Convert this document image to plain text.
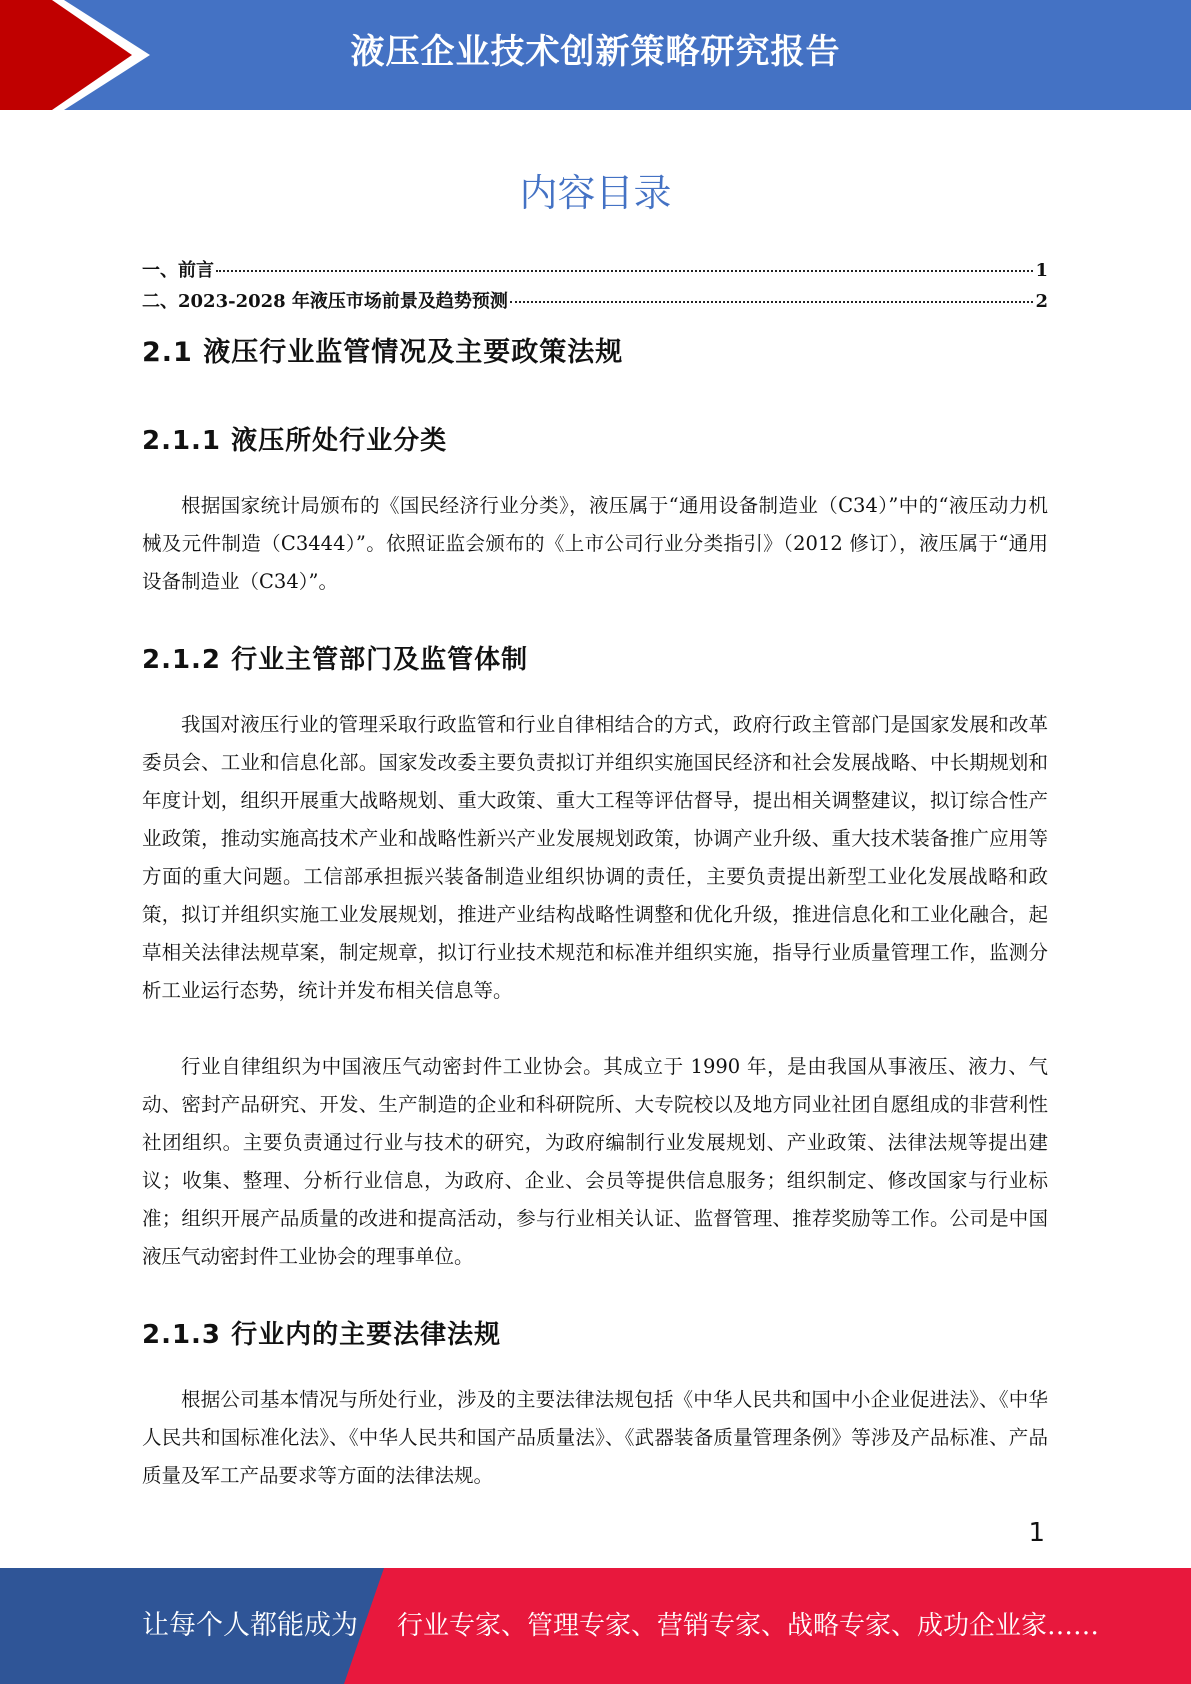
液压企业技术创新策略研究报告
内容目录
一、前言	1
二、2023-2028 年液压市场前景及趋势预测	2
2.1 液压行业监管情况及主要政策法规
2.1.1 液压所处行业分类

根据国家统计局颁布的《国民经济行业分类》，液压属于“通用设备制造业（C34）”中的“液压动力机械及元件制造（C3444）”。依照证监会颁布的《上市公司行业分类指引》（2012 修订），液压属于“通用设备制造业（C34）”。

2.1.2 行业主管部门及监管体制

我国对液压行业的管理采取行政监管和行业自律相结合的方式，政府行政主管部门是国家发展和改革委员会、工业和信息化部。国家发改委主要负责拟订并组织实施国民经济和社会发展战略、中长期规划和年度计划，组织开展重大战略规划、重大政策、重大工程等评估督导，提出相关调整建议，拟订综合性产业政策，推动实施高技术产业和战略性新兴产业发展规划政策，协调产业升级、重大技术装备推广应用等方面的重大问题。工信部承担振兴装备制造业组织协调的责任，主要负责提出新型工业化发展战略和政策，拟订并组织实施工业发展规划，推进产业结构战略性调整和优化升级，推进信息化和工业化融合，起草相关法律法规草案，制定规章，拟订行业技术规范和标准并组织实施，指导行业质量管理工作，监测分析工业运行态势，统计并发布相关信息等。

行业自律组织为中国液压气动密封件工业协会。其成立于 1990 年，是由我国从事液压、液力、气动、密封产品研究、开发、生产制造的企业和科研院所、大专院校以及地方同业社团自愿组成的非营利性社团组织。主要负责通过行业与技术的研究，为政府编制行业发展规划、产业政策、法律法规等提出建议；收集、整理、分析行业信息，为政府、企业、会员等提供信息服务；组织制定、修改国家与行业标准；组织开展产品质量的改进和提高活动，参与行业相关认证、监督管理、推荐奖励等工作。公司是中国液压气动密封件工业协会的理事单位。

2.1.3 行业内的主要法律法规

根据公司基本情况与所处行业，涉及的主要法律法规包括《中华人民共和国中小企业促进法》、《中华人民共和国标准化法》、《中华人民共和国产品质量法》、《武器装备质量管理条例》等涉及产品标准、产品质量及军工产品要求等方面的法律法规。

1
让每个人都能成为 行业专家、管理专家、营销专家、战略专家、成功企业家……
